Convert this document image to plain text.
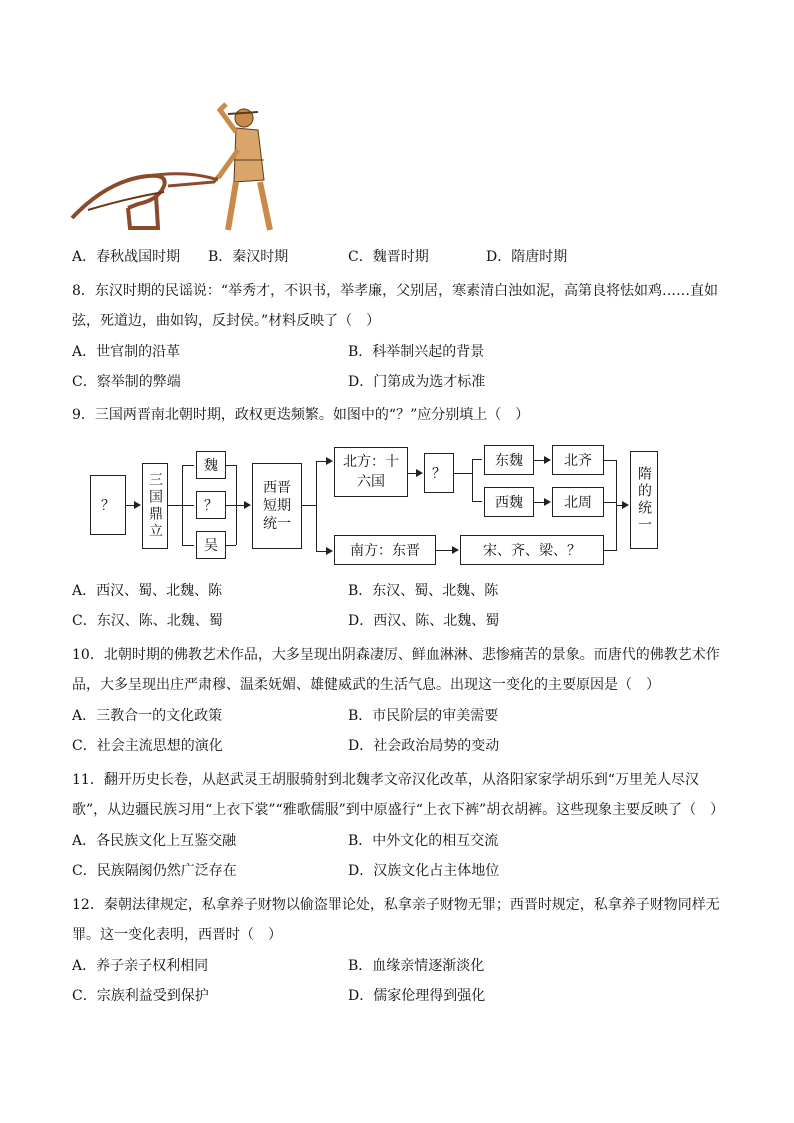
A．春秋战国时期 B．秦汉时期	C．魏晋时期	D．隋唐时期
8．东汉时期的民谣说：“举秀才，不识书，举孝廉，父别居，寒素清白浊如泥，高第良将怯如鸡……直如弦，死道边，曲如钩，反封侯。”材料反映了（　）
A．世官制的沿革	B．科举制兴起的背景
C．察举制的弊端	D．门第成为选才标准
9．三国两晋南北朝时期，政权更迭频繁。如图中的“？”应分别填上（　）
？	三国鼎立
魏
？
吴
西晋短期统一
北方：十六国	？
东魏	北齐
西魏	北周
南方：东晋	宋、齐、梁、？
隋的统一
A．西汉、蜀、北魏、陈	B．东汉、蜀、北魏、陈
C．东汉、陈、北魏、蜀	D．西汉、陈、北魏、蜀
10．北朝时期的佛教艺术作品，大多呈现出阴森凄厉、鲜血淋淋、悲惨痛苦的景象。而唐代的佛教艺术作品，大多呈现出庄严肃穆、温柔妩媚、雄健威武的生活气息。出现这一变化的主要原因是（　）
A．三教合一的文化政策	B．市民阶层的审美需要
C．社会主流思想的演化	D．社会政治局势的变动
11．翻开历史长卷，从赵武灵王胡服骑射到北魏孝文帝汉化改革，从洛阳家家学胡乐到“万里羌人尽汉歌”，从边疆民族习用“上衣下裳”“雅歌儒服”到中原盛行“上衣下裤”胡衣胡裤。这些现象主要反映了（　）
A．各民族文化上互鉴交融	B．中外文化的相互交流
C．民族隔阂仍然广泛存在	D．汉族文化占主体地位
12．秦朝法律规定，私拿养子财物以偷盗罪论处，私拿亲子财物无罪；西晋时规定，私拿养子财物同样无罪。这一变化表明，西晋时（　）
A．养子亲子权利相同	B．血缘亲情逐渐淡化
C．宗族利益受到保护	D．儒家伦理得到强化
